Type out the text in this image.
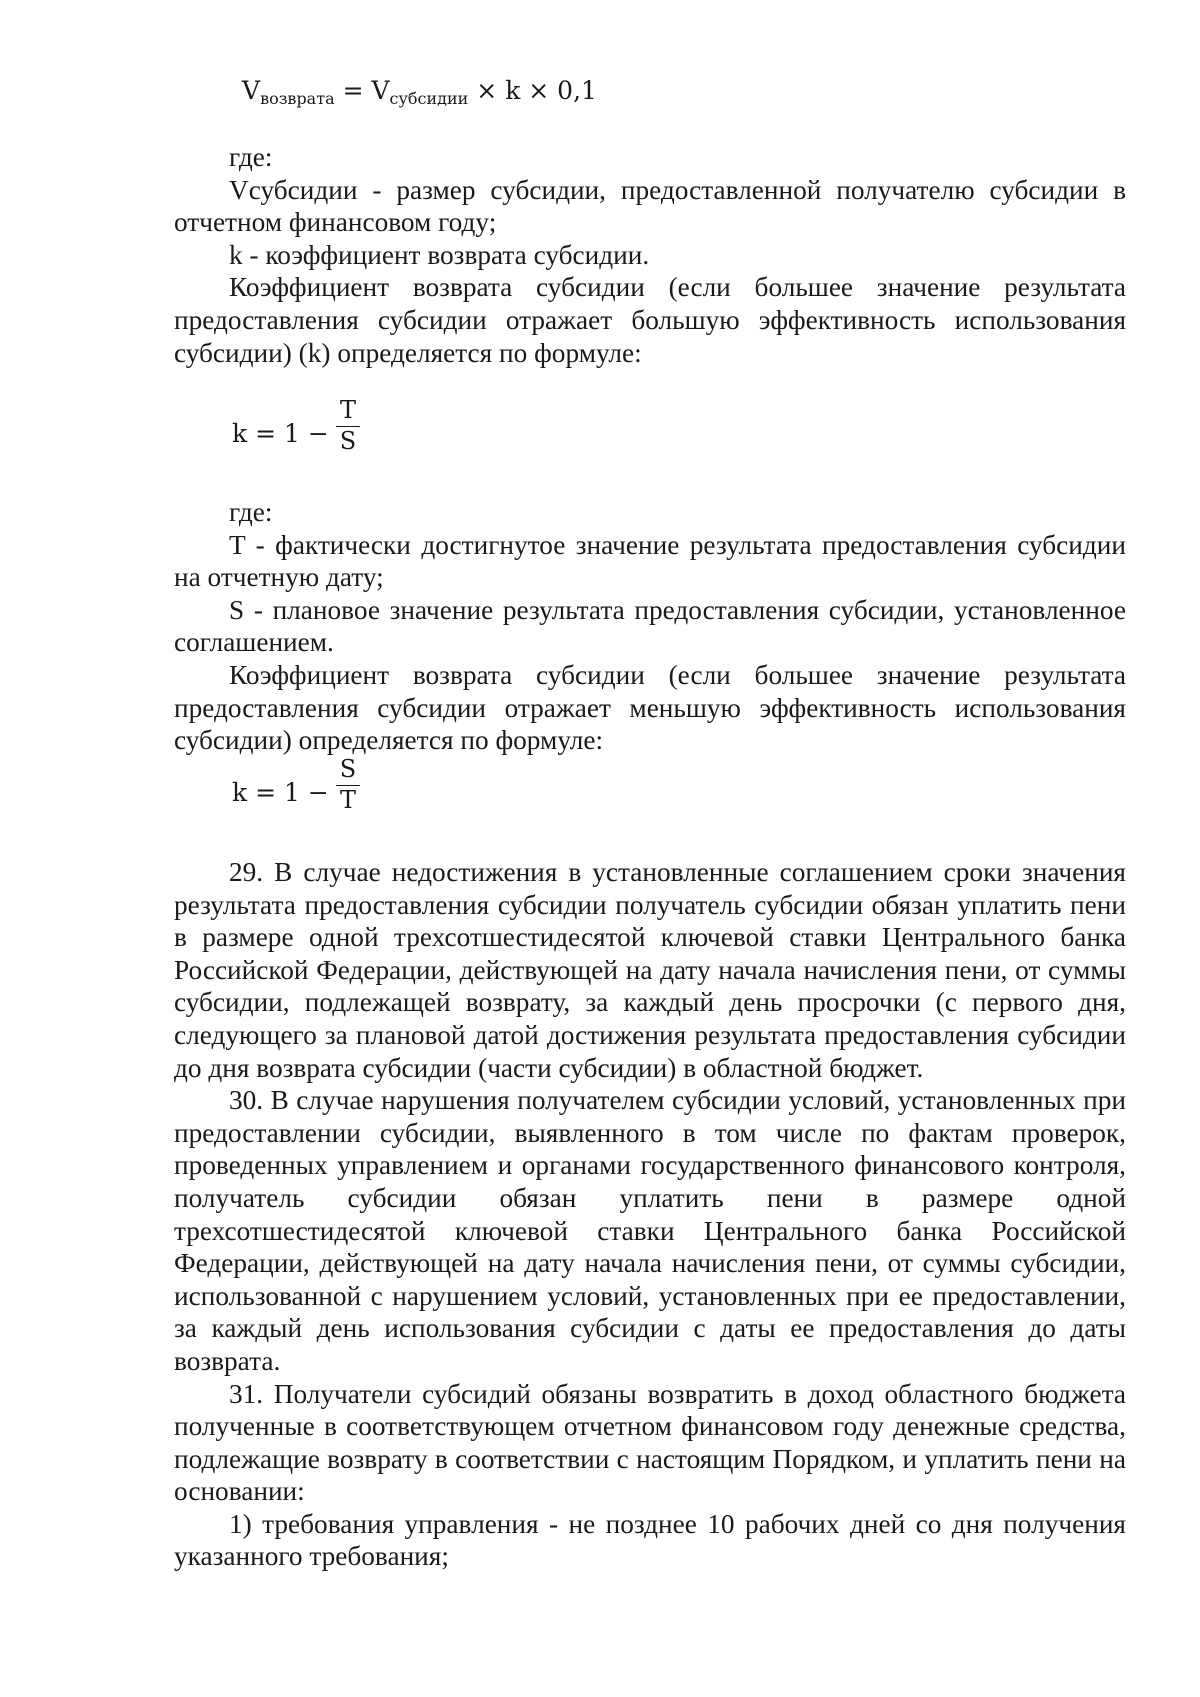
$V_{возврата} = V_{субсидии} \times k \times 0,1$

где:

Vсубсидии - размер субсидии, предоставленной получателю субсидии в отчетном финансовом году;

k - коэффициент возврата субсидии.

Коэффициент возврата субсидии (если большее значение результата предоставления субсидии отражает большую эффективность использования субсидии) (k) определяется по формуле:

k = 1 −
T
S

где:

T - фактически достигнутое значение результата предоставления субсидии на отчетную дату;

S - плановое значение результата предоставления субсидии, установленное соглашением.

Коэффициент возврата субсидии (если большее значение результата предоставления субсидии отражает меньшую эффективность использования субсидии) определяется по формуле:

k = 1 −
S
T

29. В случае недостижения в установленные соглашением сроки значения результата предоставления субсидии получатель субсидии обязан уплатить пени в размере одной трехсотшестидесятой ключевой ставки Центрального банка Российской Федерации, действующей на дату начала начисления пени, от суммы субсидии, подлежащей возврату, за каждый день просрочки (с первого дня, следующего за плановой датой достижения результата предоставления субсидии до дня возврата субсидии (части субсидии) в областной бюджет.

30. В случае нарушения получателем субсидии условий, установленных при предоставлении субсидии, выявленного в том числе по фактам проверок, проведенных управлением и органами государственного финансового контроля, получатель субсидии обязан уплатить пени в размере одной трехсотшестидесятой ключевой ставки Центрального банка Российской Федерации, действующей на дату начала начисления пени, от суммы субсидии, использованной с нарушением условий, установленных при ее предоставлении, за каждый день использования субсидии с даты ее предоставления до даты возврата.

31. Получатели субсидий обязаны возвратить в доход областного бюджета полученные в соответствующем отчетном финансовом году денежные средства, подлежащие возврату в соответствии с настоящим Порядком, и уплатить пени на основании:

1) требования управления - не позднее 10 рабочих дней со дня получения указанного требования;
